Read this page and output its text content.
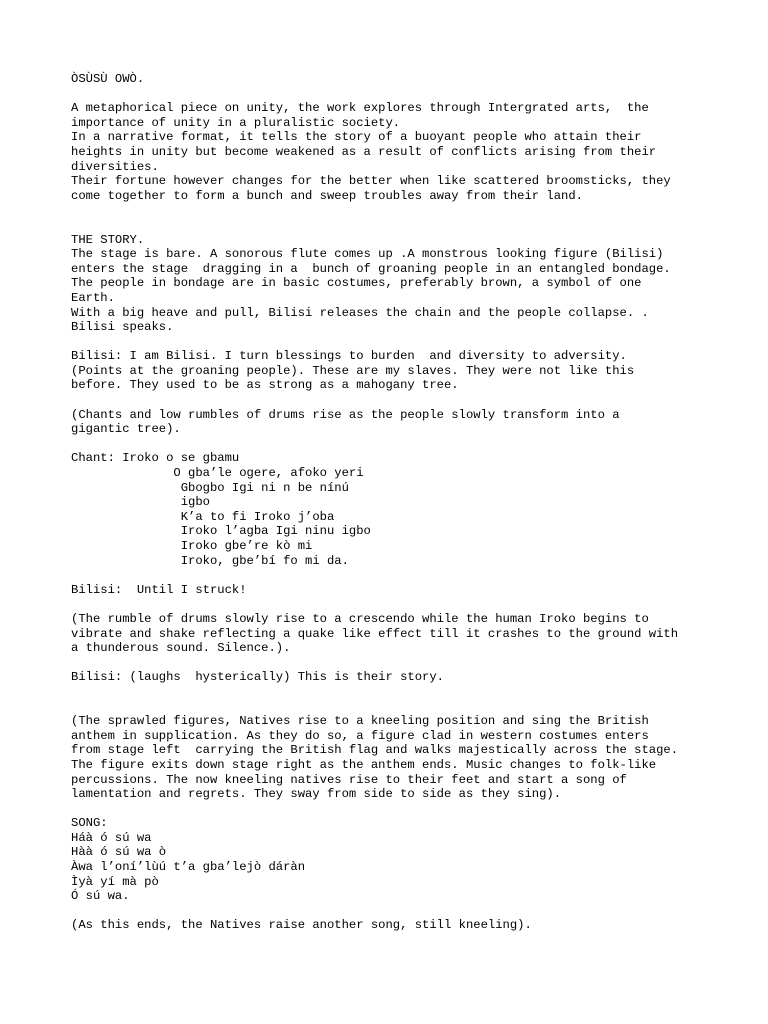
ÒSÙSÙ OWÒ.
A metaphorical piece on unity, the work explores through Intergrated arts,  the
importance of unity in a pluralistic society.
In a narrative format, it tells the story of a buoyant people who attain their
heights in unity but become weakened as a result of conflicts arising from their
diversities.
Their fortune however changes for the better when like scattered broomsticks, they
come together to form a bunch and sweep troubles away from their land.
THE STORY.
The stage is bare. A sonorous flute comes up .A monstrous looking figure (Bilisi)
enters the stage  dragging in a  bunch of groaning people in an entangled bondage.
The people in bondage are in basic costumes, preferably brown, a symbol of one
Earth.
With a big heave and pull, Bilisi releases the chain and the people collapse. .
Bilisi speaks.
Bilisi: I am Bilisi. I turn blessings to burden  and diversity to adversity.
(Points at the groaning people). These are my slaves. They were not like this
before. They used to be as strong as a mahogany tree.
(Chants and low rumbles of drums rise as the people slowly transform into a
gigantic tree).
Chant: Iroko o se gbamu
O gba’le ogere, afoko yeri
Gbogbo Igi ni n be nínú
igbo
K’a to fi Iroko j’oba
Iroko l’agba Igi ninu igbo
Iroko gbe’re kò mi
Iroko, gbe’bí fo mi da.
Bilisi:  Until I struck!
(The rumble of drums slowly rise to a crescendo while the human Iroko begins to
vibrate and shake reflecting a quake like effect till it crashes to the ground with
a thunderous sound. Silence.).
Bilisi: (laughs  hysterically) This is their story.
(The sprawled figures, Natives rise to a kneeling position and sing the British
anthem in supplication. As they do so, a figure clad in western costumes enters
from stage left  carrying the British flag and walks majestically across the stage.
The figure exits down stage right as the anthem ends. Music changes to folk-like
percussions. The now kneeling natives rise to their feet and start a song of
lamentation and regrets. They sway from side to side as they sing).
SONG:
Háà ó sú wa
Hàà ó sú wa ò
Àwa l’oní’lùú t’a gba’lejò dáràn
Ìyà yí mà pò
Ó sú wa.
(As this ends, the Natives raise another song, still kneeling).
